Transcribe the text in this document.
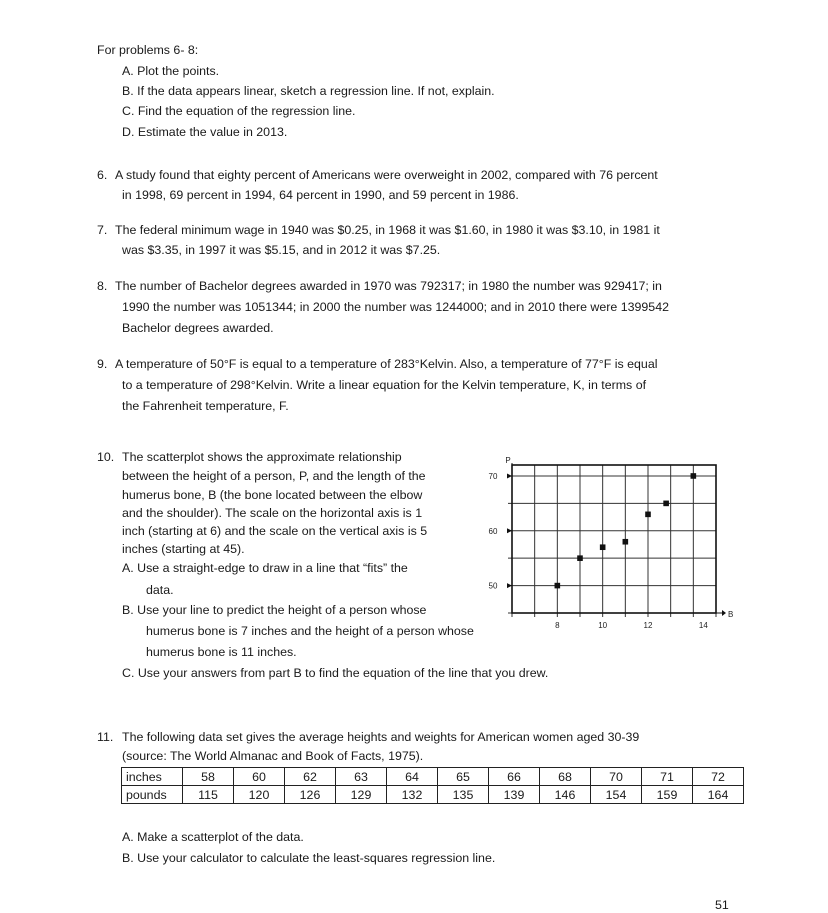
For problems 6- 8:
A. Plot the points.
B. If the data appears linear, sketch a regression line. If not, explain.
C. Find the equation of the regression line.
D. Estimate the value in 2013.
6. A study found that eighty percent of Americans were overweight in 2002, compared with 76 percent
in 1998, 69 percent in 1994, 64 percent in 1990, and 59 percent in 1986.
7. The federal minimum wage in 1940 was $0.25, in 1968 it was $1.60, in 1980 it was $3.10, in 1981 it
was $3.35, in 1997 it was $5.15, and in 2012 it was $7.25.
8. The number of Bachelor degrees awarded in 1970 was 792317; in 1980 the number was 929417; in
1990 the number was 1051344; in 2000 the number was 1244000; and in 2010 there were 1399542
Bachelor degrees awarded.
9. A temperature of 50°F is equal to a temperature of 283°Kelvin. Also, a temperature of 77°F is equal
to a temperature of 298°Kelvin. Write a linear equation for the Kelvin temperature, K, in terms of
the Fahrenheit temperature, F.
10. The scatterplot shows the approximate relationship
between the height of a person, P, and the length of the
humerus bone, B (the bone located between the elbow
and the shoulder). The scale on the horizontal axis is 1
inch (starting at 6) and the scale on the vertical axis is 5
inches (starting at 45).
A. Use a straight-edge to draw in a line that “fits” the
data.
B. Use your line to predict the height of a person whose
humerus bone is 7 inches and the height of a person whose
humerus bone is 11 inches.
C. Use your answers from part B to find the equation of the line that you drew.
P
B
50
60
70
8	10	12	14
11. The following data set gives the average heights and weights for American women aged 30-39
(source: The World Almanac and Book of Facts, 1975).
inches	58	60	62	63	64	65	66	68	70	71	72
pounds	115	120	126	129	132	135	139	146	154	159	164
A. Make a scatterplot of the data.
B. Use your calculator to calculate the least-squares regression line.
51
